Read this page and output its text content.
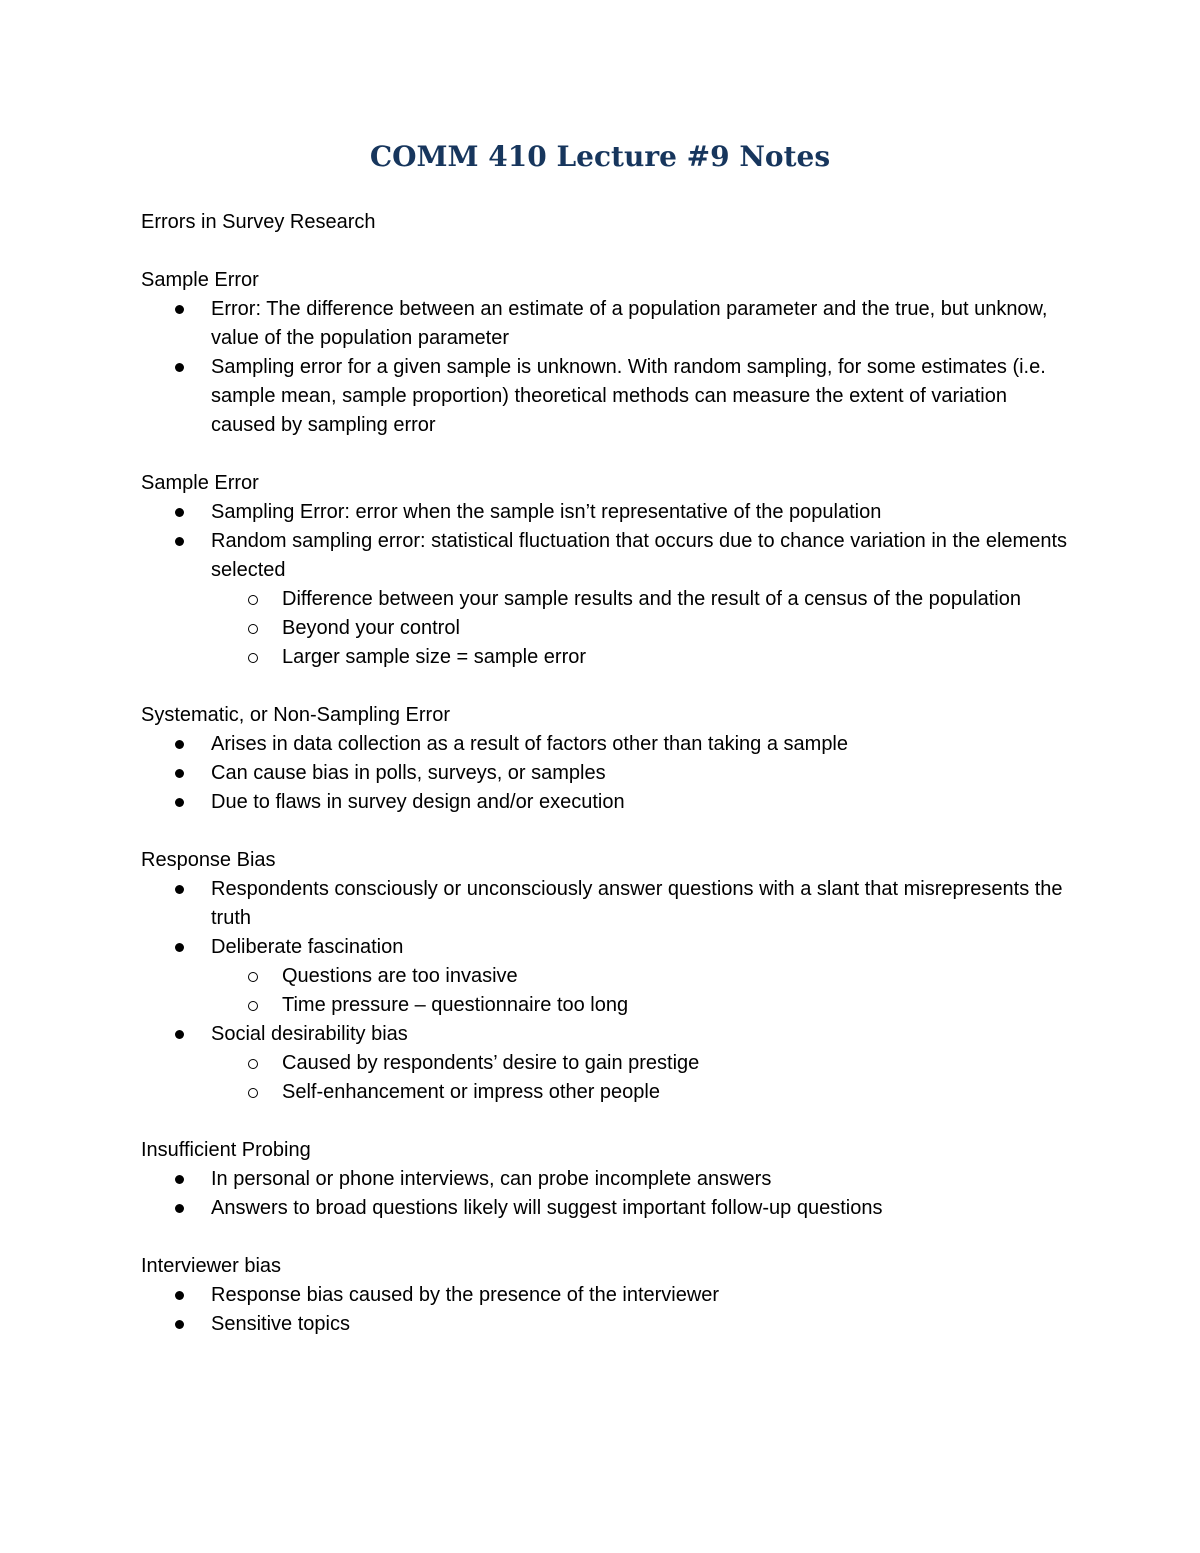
COMM 410 Lecture #9 Notes
Errors in Survey Research
Sample Error
Error: The difference between an estimate of a population parameter and the true, but unknow, value of the population parameter
Sampling error for a given sample is unknown. With random sampling, for some estimates (i.e. sample mean, sample proportion) theoretical methods can measure the extent of variation caused by sampling error
Sample Error
Sampling Error: error when the sample isn’t representative of the population
Random sampling error: statistical fluctuation that occurs due to chance variation in the elements selected
Difference between your sample results and the result of a census of the population
Beyond your control
Larger sample size = sample error
Systematic, or Non-Sampling Error
Arises in data collection as a result of factors other than taking a sample
Can cause bias in polls, surveys, or samples
Due to flaws in survey design and/or execution
Response Bias
Respondents consciously or unconsciously answer questions with a slant that misrepresents the truth
Deliberate fascination
Questions are too invasive
Time pressure – questionnaire too long
Social desirability bias
Caused by respondents’ desire to gain prestige
Self-enhancement or impress other people
Insufficient Probing
In personal or phone interviews, can probe incomplete answers
Answers to broad questions likely will suggest important follow-up questions
Interviewer bias
Response bias caused by the presence of the interviewer
Sensitive topics
